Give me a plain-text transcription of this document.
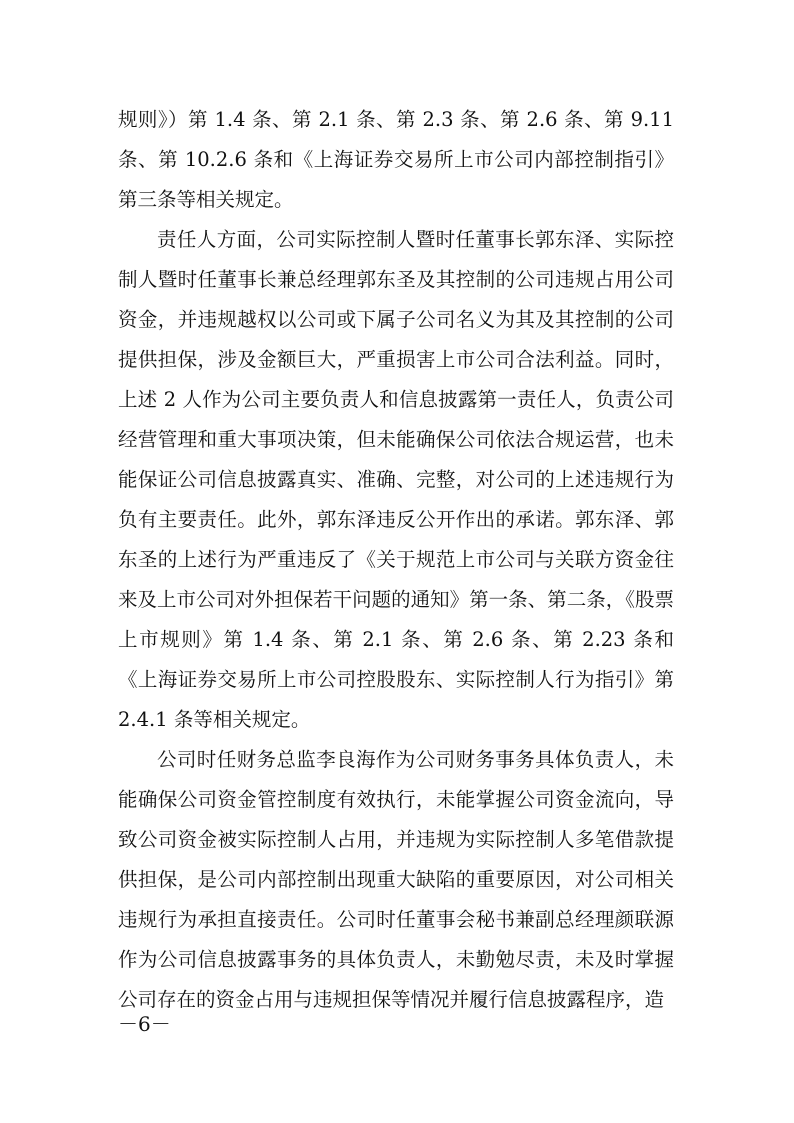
规则》）第 1.4 条、第 2.1 条、第 2.3 条、第 2.6 条、第 9.11 条、第 10.2.6 条和《上海证券交易所上市公司内部控制指引》第三条等相关规定。

责任人方面，公司实际控制人暨时任董事长郭东泽、实际控制人暨时任董事长兼总经理郭东圣及其控制的公司违规占用公司资金，并违规越权以公司或下属子公司名义为其及其控制的公司提供担保，涉及金额巨大，严重损害上市公司合法利益。同时，上述 2 人作为公司主要负责人和信息披露第一责任人，负责公司经营管理和重大事项决策，但未能确保公司依法合规运营，也未能保证公司信息披露真实、准确、完整，对公司的上述违规行为负有主要责任。此外，郭东泽违反公开作出的承诺。郭东泽、郭东圣的上述行为严重违反了《关于规范上市公司与关联方资金往来及上市公司对外担保若干问题的通知》第一条、第二条，《股票上市规则》第 1.4 条、第 2.1 条、第 2.6 条、第 2.23 条和《上海证券交易所上市公司控股股东、实际控制人行为指引》第 2.4.1 条等相关规定。

公司时任财务总监李良海作为公司财务事务具体负责人，未能确保公司资金管控制度有效执行，未能掌握公司资金流向，导致公司资金被实际控制人占用，并违规为实际控制人多笔借款提供担保，是公司内部控制出现重大缺陷的重要原因，对公司相关违规行为承担直接责任。公司时任董事会秘书兼副总经理颜联源作为公司信息披露事务的具体负责人，未勤勉尽责，未及时掌握公司存在的资金占用与违规担保等情况并履行信息披露程序，造

－6－
